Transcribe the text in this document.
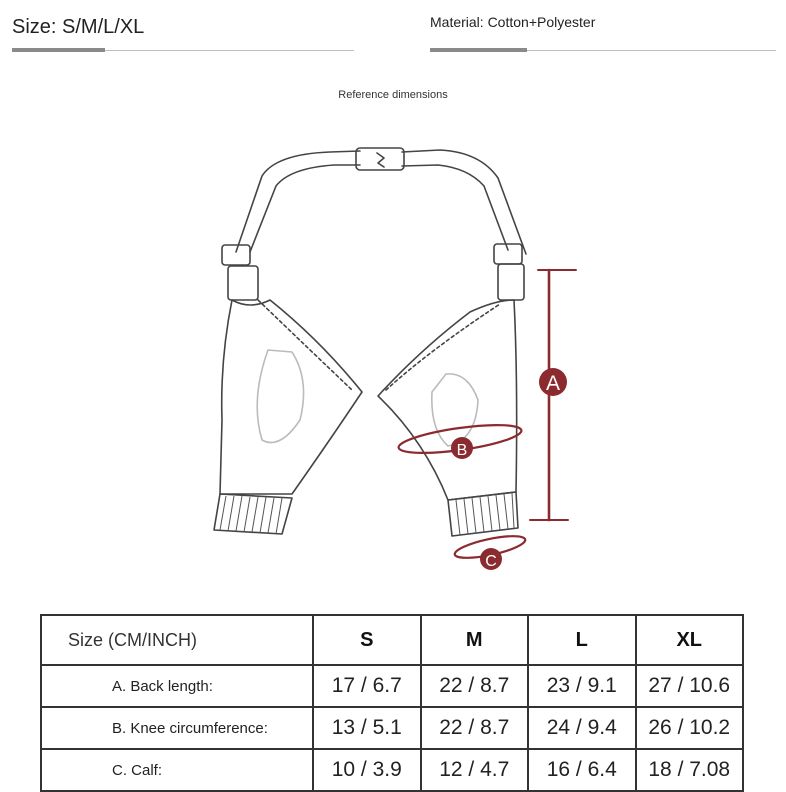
Size: S/M/L/XL	Material: Cotton+Polyester
Reference dimensions
A
B
C
Size (CM/INCH)	S	M	L	XL
A. Back length:	17 / 6.7	22 / 8.7	23 / 9.1	27 / 10.6
B. Knee circumference:	13 / 5.1	22 / 8.7	24 / 9.4	26 / 10.2
C. Calf:	10 / 3.9	12 / 4.7	16 / 6.4	18 / 7.08
